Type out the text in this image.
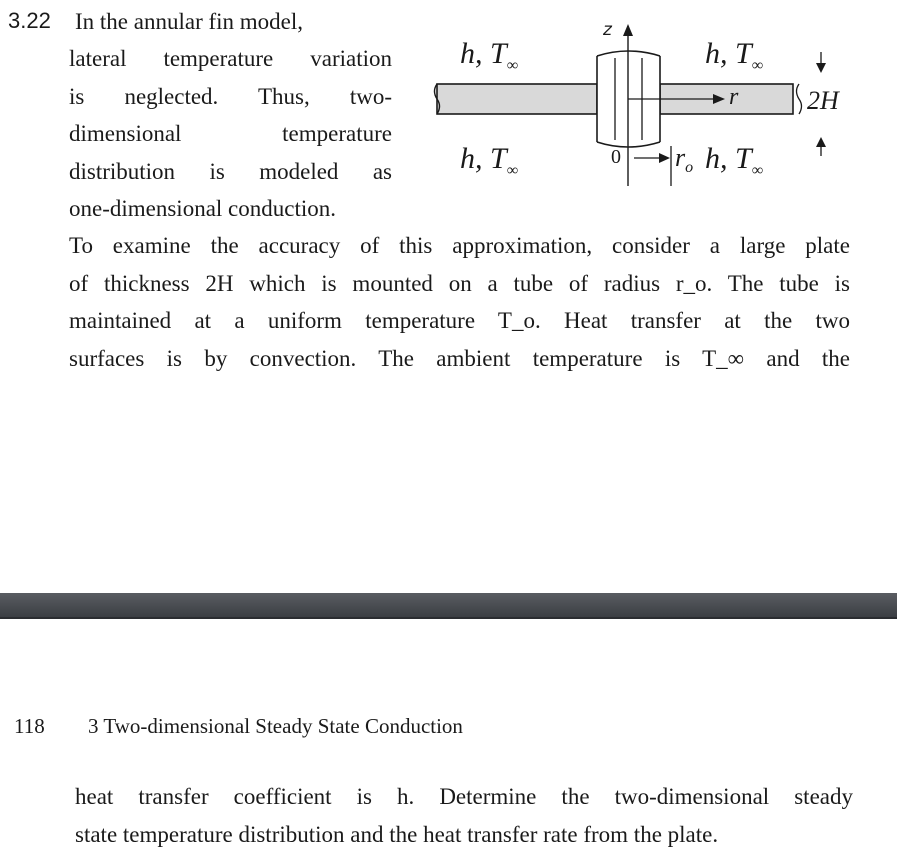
3.22 In the annular fin model,
lateral temperature variation
is neglected. Thus, two-
dimensional temperature
distribution is modeled as
one-dimensional conduction.
h, $T_\infty$	h, $T_\infty$
h, $T_\infty$	h, $T_\infty$
z
r
0 $r_o$
2H
To examine the accuracy of this approximation, consider a large plate
of thickness 2H which is mounted on a tube of radius r_o. The tube is
maintained at a uniform temperature T_o. Heat transfer at the two
surfaces is by convection. The ambient temperature is T_∞ and the
118 3 Two-dimensional Steady State Conduction
heat transfer coefficient is h. Determine the two-dimensional steady
state temperature distribution and the heat transfer rate from the plate.
